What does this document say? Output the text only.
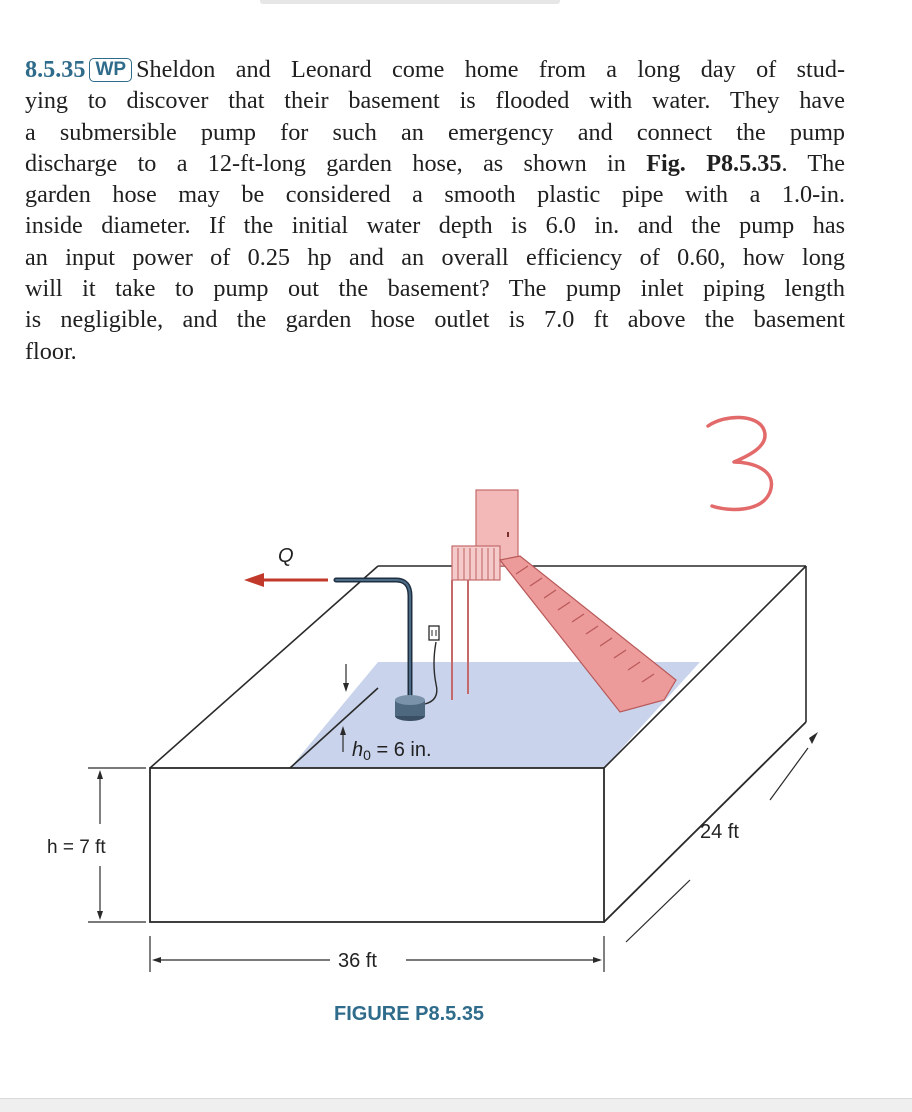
8.5.35 WP Sheldon and Leonard come home from a long day of stud-
ying to discover that their basement is flooded with water. They have
a submersible pump for such an emergency and connect the pump
discharge to a 12-ft-long garden hose, as shown in Fig. P8.5.35. The
garden hose may be considered a smooth plastic pipe with a 1.0-in.
inside diameter. If the initial water depth is 6.0 in. and the pump has
an input power of 0.25 hp and an overall efficiency of 0.60, how long
will it take to pump out the basement? The pump inlet piping length
is negligible, and the garden hose outlet is 7.0 ft above the basement
floor.
Q
$h_0 = 6$ in.
h = 7 ft
36 ft
24 ft
FIGURE P8.5.35
